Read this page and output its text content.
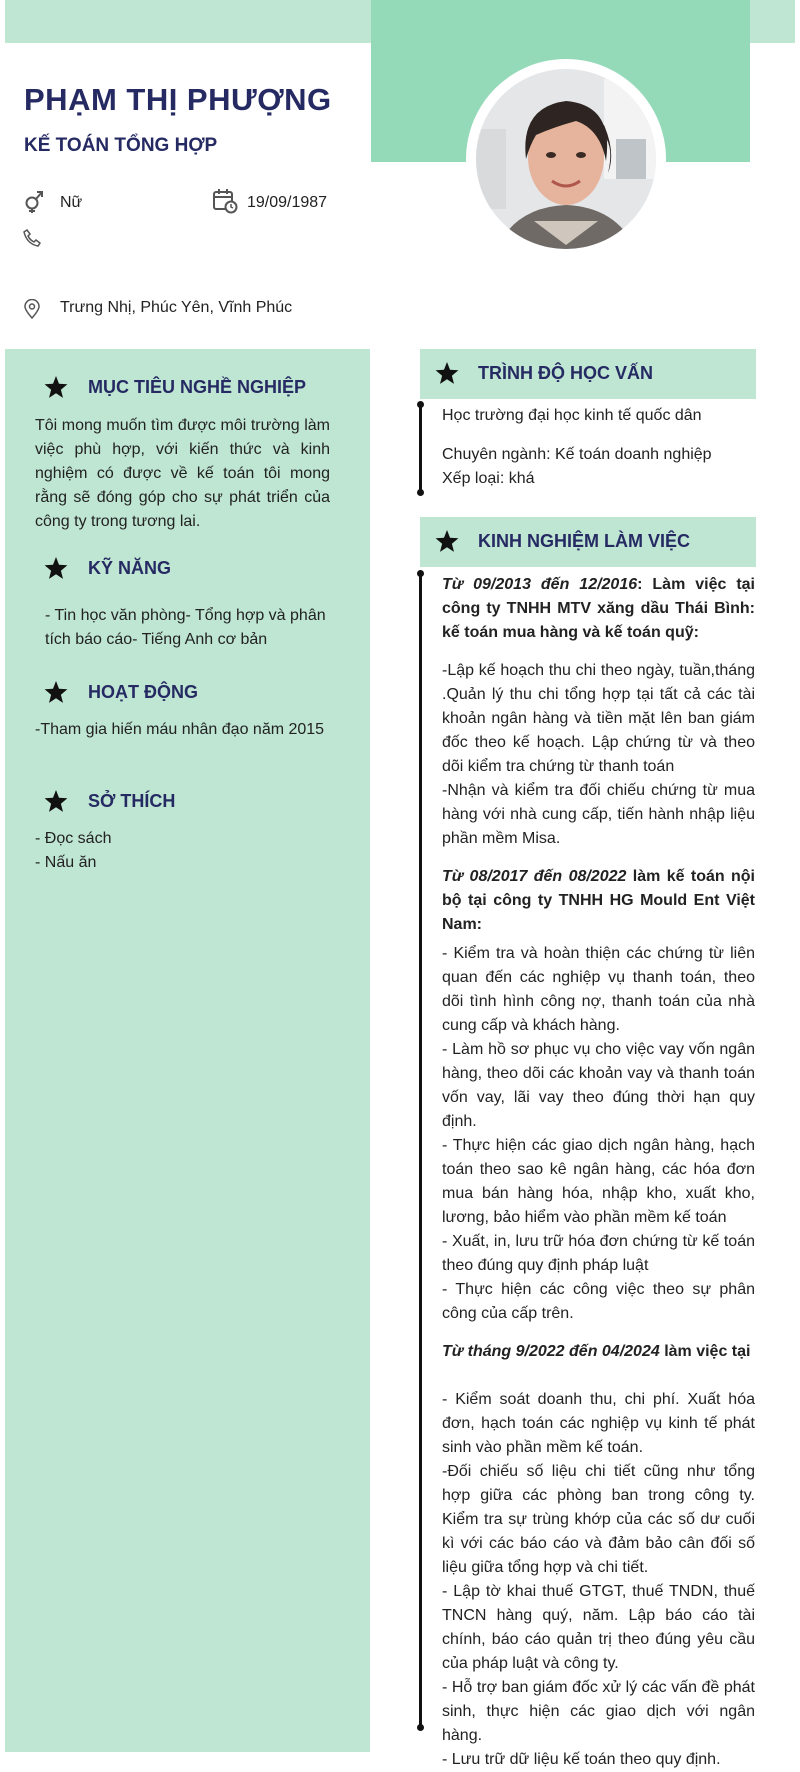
PHẠM THỊ PHƯỢNG
KẾ TOÁN TỔNG HỢP
Nữ	19/09/1987
Trưng Nhị, Phúc Yên, Vĩnh Phúc
MỤC TIÊU NGHỀ NGHIỆP
Tôi mong muốn tìm được môi trường làm việc phù hợp, với kiến thức và kinh nghiệm có được về kế toán tôi mong rằng sẽ đóng góp cho sự phát triển của công ty trong tương lai.
KỸ NĂNG
- Tin học văn phòng- Tổng hợp và phân tích báo cáo- Tiếng Anh cơ bản
HOẠT ĐỘNG
-Tham gia hiến máu nhân đạo năm 2015
SỞ THÍCH
- Đọc sách
- Nấu ăn
TRÌNH ĐỘ HỌC VẤN
Học trường đại học kinh tế quốc dân
Chuyên ngành: Kế toán doanh nghiệp
Xếp loại: khá
KINH NGHIỆM LÀM VIỆC

Từ 09/2013 đến 12/2016: Làm việc tại công ty TNHH MTV xăng dầu Thái Bình: kế toán mua hàng và kế toán quỹ:

-Lập kế hoạch thu chi theo ngày, tuần,tháng .Quản lý thu chi tổng hợp tại tất cả các tài khoản ngân hàng và tiền mặt lên ban giám đốc theo kế hoạch. Lập chứng từ và theo dõi kiểm tra chứng từ thanh toán

-Nhận và kiểm tra đối chiếu chứng từ mua hàng với nhà cung cấp, tiến hành nhập liệu phần mềm Misa.

Từ 08/2017 đến 08/2022 làm kế toán nội bộ tại công ty TNHH HG Mould Ent Việt Nam:

- Kiểm tra và hoàn thiện các chứng từ liên quan đến các nghiệp vụ thanh toán, theo dõi tình hình công nợ, thanh toán của nhà cung cấp và khách hàng.

- Làm hồ sơ phục vụ cho việc vay vốn ngân hàng, theo dõi các khoản vay và thanh toán vốn vay, lãi vay theo đúng thời hạn quy định.

- Thực hiện các giao dịch ngân hàng, hạch toán theo sao kê ngân hàng, các hóa đơn mua bán hàng hóa, nhập kho, xuất kho, lương, bảo hiểm vào phần mềm kế toán

- Xuất, in, lưu trữ hóa đơn chứng từ kế toán theo đúng quy định pháp luật

- Thực hiện các công việc theo sự phân công của cấp trên.

Từ tháng 9/2022 đến 04/2024 làm việc tại

- Kiểm soát doanh thu, chi phí. Xuất hóa đơn, hạch toán các nghiệp vụ kinh tế phát sinh vào phần mềm kế toán.

-Đối chiếu số liệu chi tiết cũng như tổng hợp giữa các phòng ban trong công ty. Kiểm tra sự trùng khớp của các số dư cuối kì với các báo cáo và đảm bảo cân đối số liệu giữa tổng hợp và chi tiết.

- Lập tờ khai thuế GTGT, thuế TNDN, thuế TNCN hàng quý, năm. Lập báo cáo tài chính, báo cáo quản trị theo đúng yêu cầu của pháp luật và công ty.

- Hỗ trợ ban giám đốc xử lý các vấn đề phát sinh, thực hiện các giao dịch với ngân hàng.

- Lưu trữ dữ liệu kế toán theo quy định.
